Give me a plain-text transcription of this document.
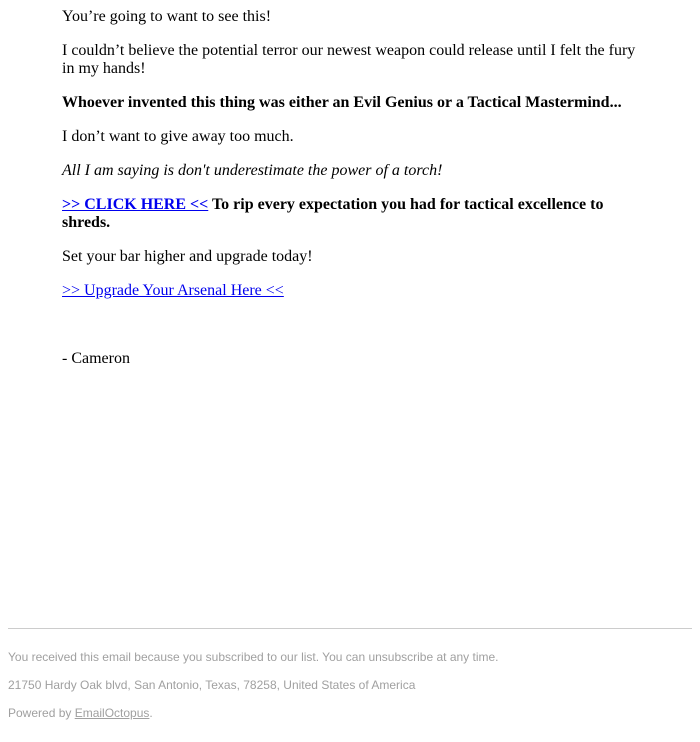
You’re going to want to see this!

I couldn’t believe the potential terror our newest weapon could release until I felt the fury in my hands!

Whoever invented this thing was either an Evil Genius or a Tactical Mastermind...

I don’t want to give away too much.

All I am saying is don't underestimate the power of a torch!

>> CLICK HERE << To rip every expectation you had for tactical excellence to shreds.

Set your bar higher and upgrade today!

>> Upgrade Your Arsenal Here <<

- Cameron

You received this email because you subscribed to our list. You can unsubscribe at any time.

21750 Hardy Oak blvd, San Antonio, Texas, 78258, United States of America

Powered by EmailOctopus.
